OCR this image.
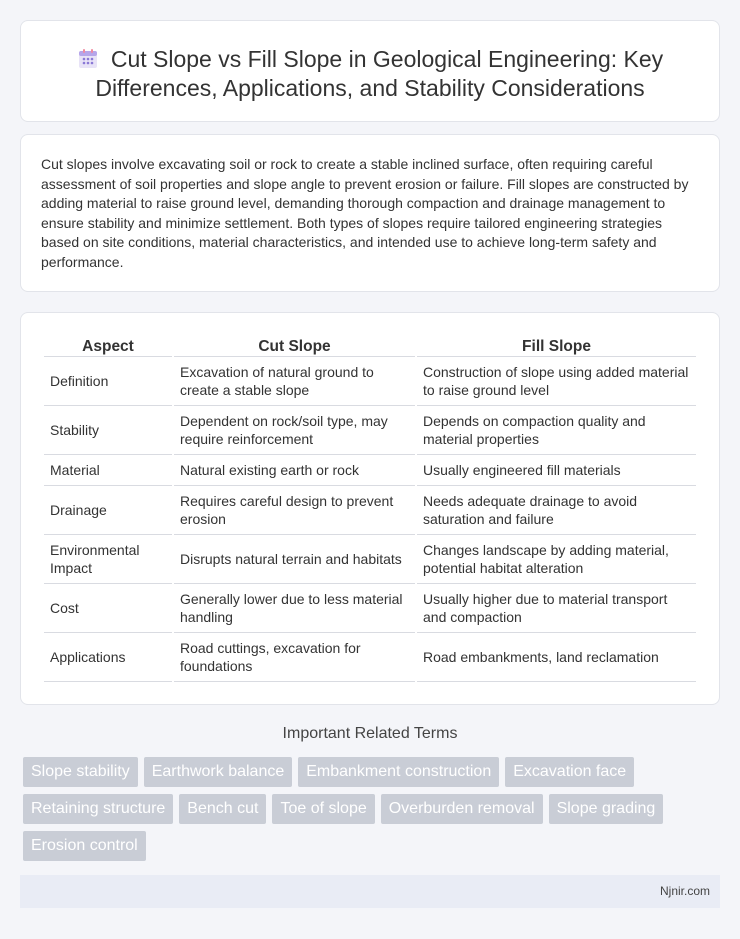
Cut Slope vs Fill Slope in Geological Engineering: Key Differences, Applications, and Stability Considerations

Cut slopes involve excavating soil or rock to create a stable inclined surface, often requiring careful assessment of soil properties and slope angle to prevent erosion or failure. Fill slopes are constructed by adding material to raise ground level, demanding thorough compaction and drainage management to ensure stability and minimize settlement. Both types of slopes require tailored engineering strategies based on site conditions, material characteristics, and intended use to achieve long-term safety and performance.

Aspect	Cut Slope	Fill Slope
Definition	Excavation of natural ground to create a stable slope	Construction of slope using added material to raise ground level
Stability	Dependent on rock/soil type, may require reinforcement	Depends on compaction quality and material properties
Material	Natural existing earth or rock	Usually engineered fill materials
Drainage	Requires careful design to prevent erosion	Needs adequate drainage to avoid saturation and failure
Environmental Impact	Disrupts natural terrain and habitats	Changes landscape by adding material, potential habitat alteration
Cost	Generally lower due to less material handling	Usually higher due to material transport and compaction
Applications	Road cuttings, excavation for foundations	Road embankments, land reclamation
Important Related Terms
Slope stability	Earthwork balance	Embankment construction	Excavation face
Retaining structure	Bench cut	Toe of slope	Overburden removal	Slope grading
Erosion control
Njnir.com
